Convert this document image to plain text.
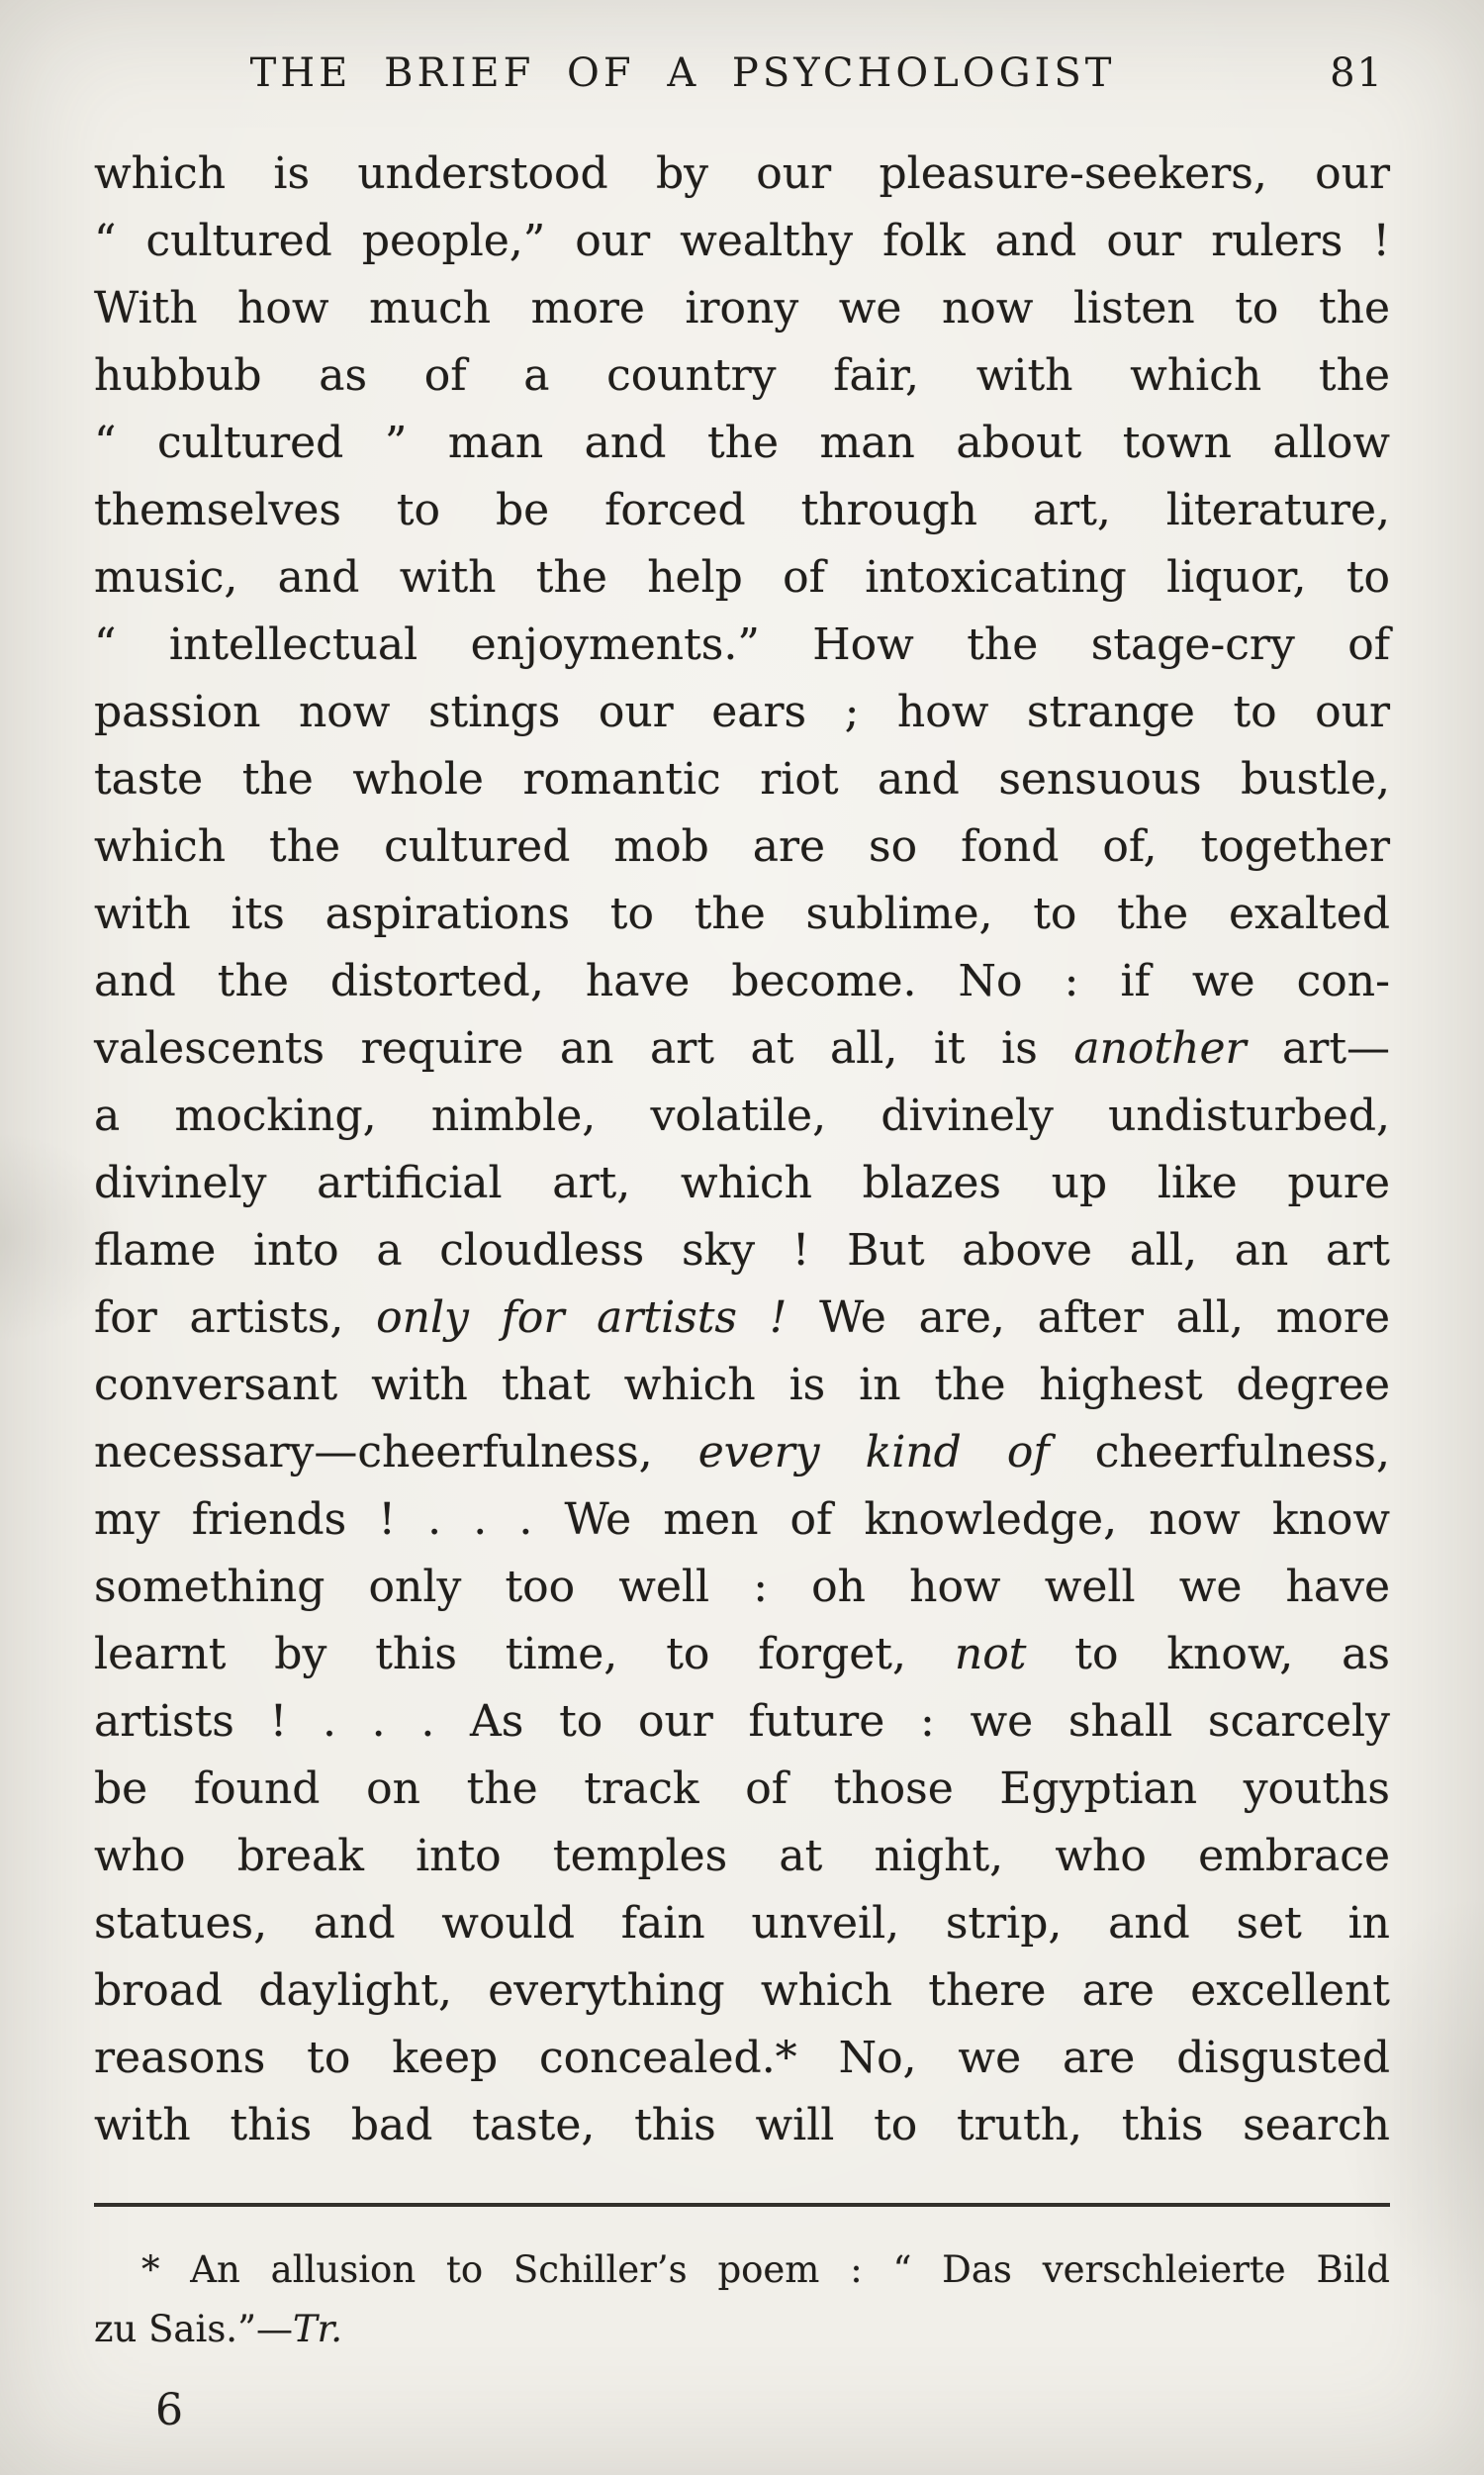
THE BRIEF OF A PSYCHOLOGIST	81
which is understood by our pleasure-seekers, our
“ cultured people,” our wealthy folk and our rulers !
With how much more irony we now listen to the
hubbub as of a country fair, with which the
“ cultured ” man and the man about town allow
themselves to be forced through art, literature,
music, and with the help of intoxicating liquor, to
“ intellectual enjoyments.” How the stage-cry of
passion now stings our ears ; how strange to our
taste the whole romantic riot and sensuous bustle,
which the cultured mob are so fond of, together
with its aspirations to the sublime, to the exalted
and the distorted, have become. No : if we con-
valescents require an art at all, it is another art—
a mocking, nimble, volatile, divinely undisturbed,
divinely artificial art, which blazes up like pure
flame into a cloudless sky ! But above all, an art
for artists, only for artists ! We are, after all, more
conversant with that which is in the highest degree
necessary—cheerfulness, every kind of cheerfulness,
my friends ! . . . We men of knowledge, now know
something only too well : oh how well we have
learnt by this time, to forget, not to know, as
artists ! . . . As to our future : we shall scarcely
be found on the track of those Egyptian youths
who break into temples at night, who embrace
statues, and would fain unveil, strip, and set in
broad daylight, everything which there are excellent
reasons to keep concealed.* No, we are disgusted
with this bad taste, this will to truth, this search
* An allusion to Schiller’s poem : “ Das verschleierte Bild
zu Sais.”—Tr.
6
